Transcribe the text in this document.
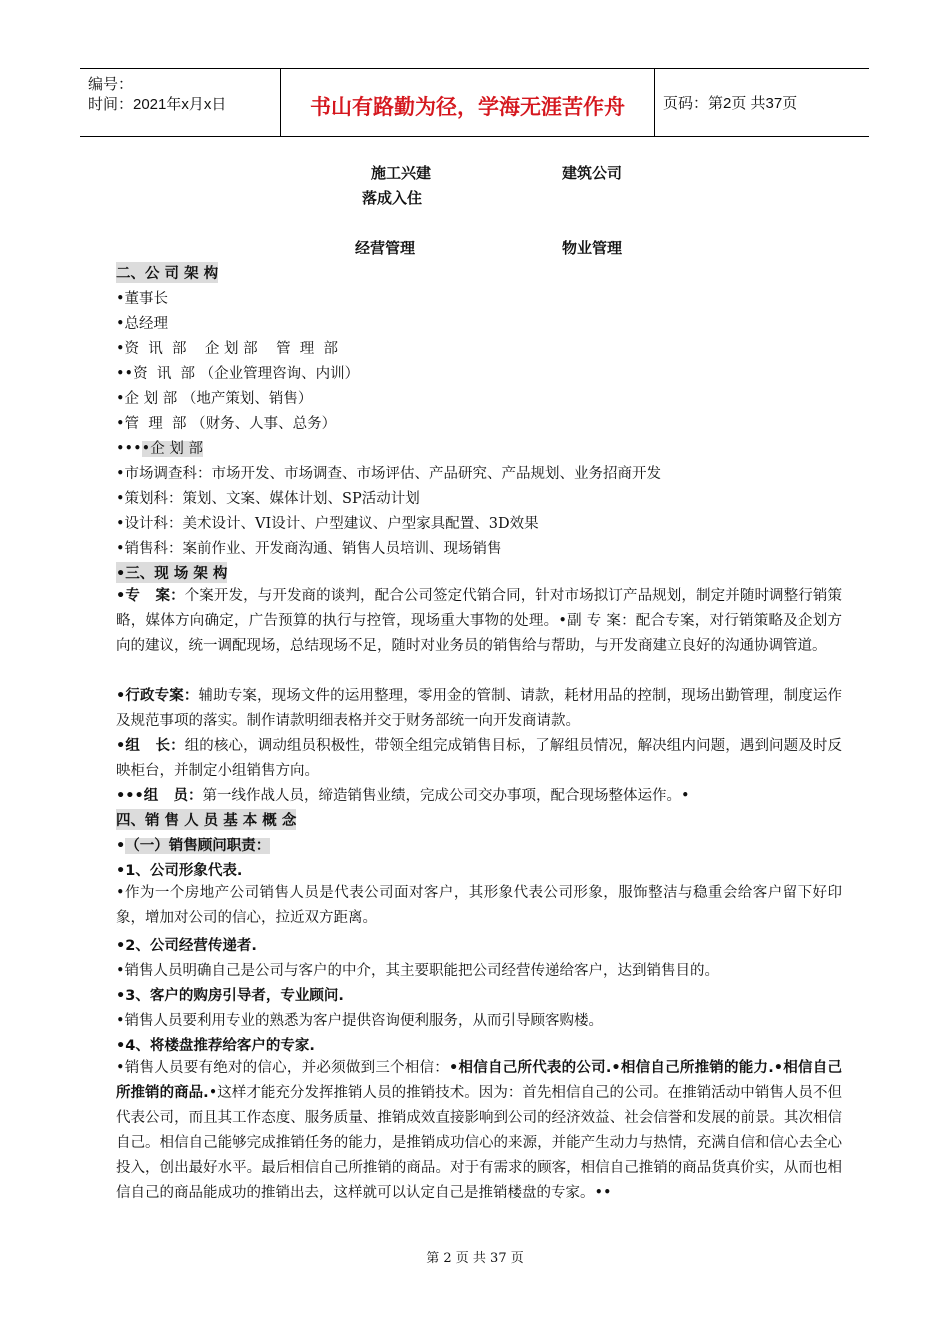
编号：
时间：2021年x月x日	书山有路勤为径，学海无涯苦作舟	页码：第2页 共37页
施工兴建	建筑公司
落成入住
经营管理	物业管理
二、公 司 架 构
•董事长
•总经理
•资  讯  部    企 划 部    管  理  部
••资  讯  部 （企业管理咨询、内训）
•企 划 部 （地产策划、销售）
•管  理  部 （财务、人事、总务）
••••企 划 部
•市场调查科：市场开发、市场调查、市场评估、产品研究、产品规划、业务招商开发
•策划科：策划、文案、媒体计划、SP活动计划
•设计科：美术设计、VI设计、户型建议、户型家具配置、3D效果
•销售科：案前作业、开发商沟通、销售人员培训、现场销售
•三、现 场 架 构
•专   案：个案开发，与开发商的谈判，配合公司签定代销合同，针对市场拟订产品规划，制定并随时调整行销策略，媒体方向确定，广告预算的执行与控管，现场重大事物的处理。•副 专 案：配合专案，对行销策略及企划方向的建议，统一调配现场，总结现场不足，随时对业务员的销售给与帮助，与开发商建立良好的沟通协调管道。
•行政专案：辅助专案，现场文件的运用整理，零用金的管制、请款，耗材用品的控制，现场出勤管理，制度运作及规范事项的落实。制作请款明细表格并交于财务部统一向开发商请款。
•组   长：组的核心，调动组员积极性，带领全组完成销售目标，了解组员情况，解决组内问题，遇到问题及时反映柜台，并制定小组销售方向。
•••组   员：第一线作战人员，缔造销售业绩，完成公司交办事项，配合现场整体运作。•
四、销 售 人 员 基 本 概 念
•（一）销售顾问职责：
•1、公司形象代表.
•作为一个房地产公司销售人员是代表公司面对客户，其形象代表公司形象，服饰整洁与稳重会给客户留下好印象，增加对公司的信心，拉近双方距离。
•2、公司经营传递者.
•销售人员明确自己是公司与客户的中介，其主要职能把公司经营传递给客户，达到销售目的。
•3、客户的购房引导者，专业顾问.
•销售人员要利用专业的熟悉为客户提供咨询便利服务，从而引导顾客购楼。
•4、将楼盘推荐给客户的专家.
•销售人员要有绝对的信心，并必须做到三个相信：•相信自己所代表的公司.•相信自己所推销的能力.•相信自己所推销的商品.•这样才能充分发挥推销人员的推销技术。因为：首先相信自己的公司。在推销活动中销售人员不但代表公司，而且其工作态度、服务质量、推销成效直接影响到公司的经济效益、社会信誉和发展的前景。其次相信自己。相信自己能够完成推销任务的能力，是推销成功信心的来源，并能产生动力与热情，充满自信和信心去全心投入，创出最好水平。最后相信自己所推销的商品。对于有需求的顾客，相信自己推销的商品货真价实，从而也相信自己的商品能成功的推销出去，这样就可以认定自己是推销楼盘的专家。••
第 2 页 共 37 页
